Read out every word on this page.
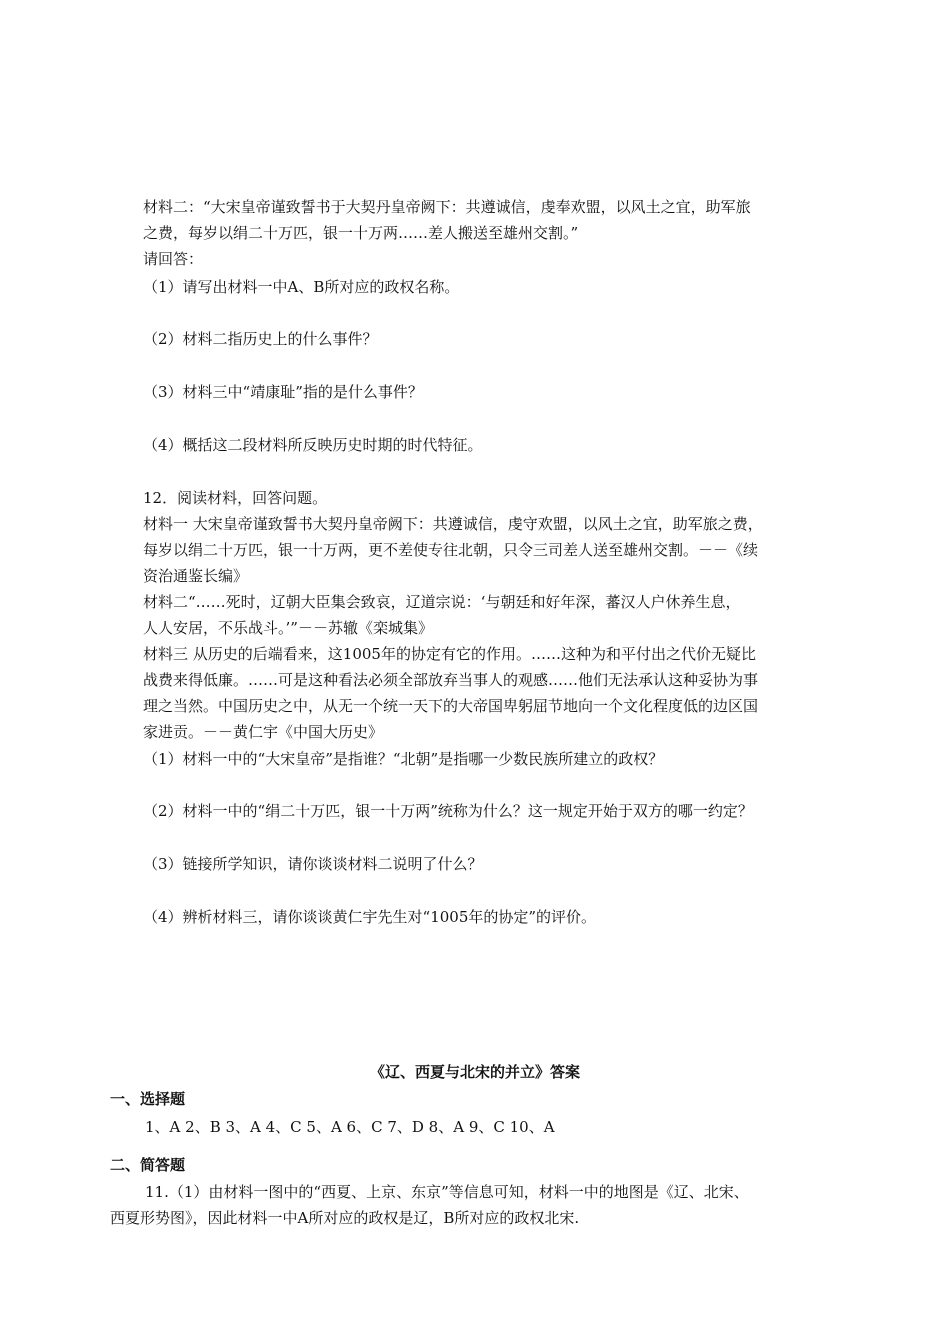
材料二：“大宋皇帝谨致誓书于大契丹皇帝阙下：共遵诚信，虔奉欢盟，以风土之宜，助军旅
之费，每岁以绢二十万匹，银一十万两……差人搬送至雄州交割。”
请回答：
（1）请写出材料一中A、B所对应的政权名称。
（2）材料二指历史上的什么事件？
（3）材料三中“靖康耻”指的是什么事件？
（4）概括这二段材料所反映历史时期的时代特征。
12．阅读材料，回答问题。
材料一 大宋皇帝谨致誓书大契丹皇帝阙下：共遵诚信，虔守欢盟，以风土之宜，助军旅之费，
每岁以绢二十万匹，银一十万两，更不差使专往北朝，只令三司差人送至雄州交割。－－《续
资治通鉴长编》
材料二“……死时，辽朝大臣集会致哀，辽道宗说：‘与朝廷和好年深，蕃汉人户休养生息，
人人安居，不乐战斗。’”－－苏辙《栾城集》
材料三 从历史的后端看来，这1005年的协定有它的作用。……这种为和平付出之代价无疑比
战费来得低廉。……可是这种看法必须全部放弃当事人的观感……他们无法承认这种妥协为事
理之当然。中国历史之中，从无一个统一天下的大帝国卑躬屈节地向一个文化程度低的边区国
家进贡。－－黄仁宇《中国大历史》
（1）材料一中的“大宋皇帝”是指谁？“北朝”是指哪一少数民族所建立的政权？
（2）材料一中的“绢二十万匹，银一十万两”统称为什么？这一规定开始于双方的哪一约定？
（3）链接所学知识，请你谈谈材料二说明了什么？
（4）辨析材料三，请你谈谈黄仁宇先生对“1005年的协定”的评价。
《辽、西夏与北宋的并立》答案
一、选择题
1、A 2、B 3、A 4、C 5、A 6、C 7、D 8、A 9、C 10、A
二、简答题
11.（1）由材料一图中的“西夏、上京、东京”等信息可知，材料一中的地图是《辽、北宋、
西夏形势图》，因此材料一中A所对应的政权是辽，B所对应的政权北宋.
